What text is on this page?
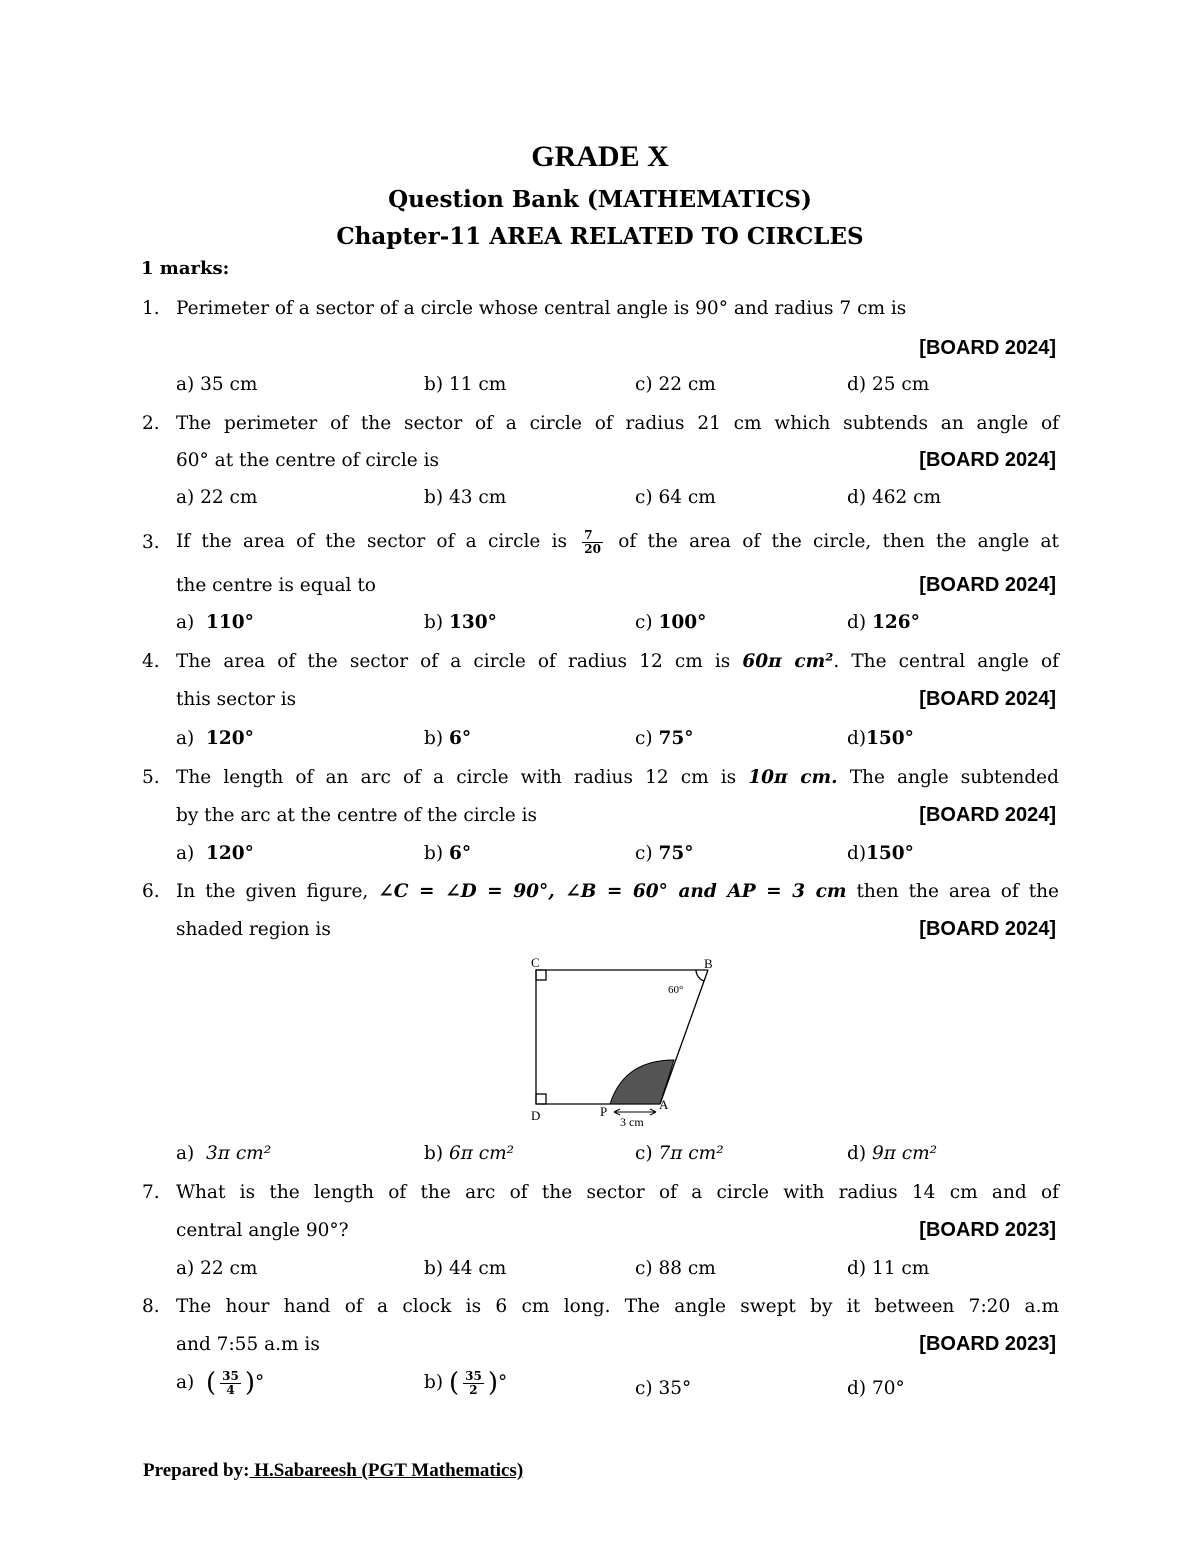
GRADE X
Question Bank (MATHEMATICS)
Chapter-11 AREA RELATED TO CIRCLES
1 marks:
1. Perimeter of a sector of a circle whose central angle is 90° and radius 7 cm is
[BOARD 2024]
a) 35 cm	b) 11 cm	c) 22 cm	d) 25 cm
2. The perimeter of the sector of a circle of radius 21 cm which subtends an angle of
60° at the centre of circle is	[BOARD 2024]
a) 22 cm	b) 43 cm	c) 64 cm	d) 462 cm
3. If the area of the sector of a circle is $\frac{7}{20}$ of the area of the circle, then the angle at
the centre is equal to	[BOARD 2024]
a) 110°	b) 130°	c) 100°	d) 126°
4. The area of the sector of a circle of radius 12 cm is 60π cm². The central angle of
this sector is	[BOARD 2024]
a) 120°	b) 6°	c) 75°	d)150°
5. The length of an arc of a circle with radius 12 cm is 10π cm. The angle subtended
by the arc at the centre of the circle is	[BOARD 2024]
a) 120°	b) 6°	c) 75°	d)150°
6. In the given figure, ∠C = ∠D = 90°, ∠B = 60° and AP = 3 cm then the area of the
shaded region is	[BOARD 2024]
C	B
D	P	A
60°
3 cm
a) 3π cm²	b) 6π cm²	c) 7π cm²	d) 9π cm²
7. What is the length of the arc of the sector of a circle with radius 14 cm and of
central angle 90°?	[BOARD 2023]
a) 22 cm	b) 44 cm	c) 88 cm	d) 11 cm
8. The hour hand of a clock is 6 cm long. The angle swept by it between 7:20 a.m
and 7:55 a.m is	[BOARD 2023]
a) ( $\frac{35}{4}$ )°	b) ( $\frac{35}{2}$ )°	c) 35°	d) 70°
Prepared by: H.Sabareesh (PGT Mathematics)
